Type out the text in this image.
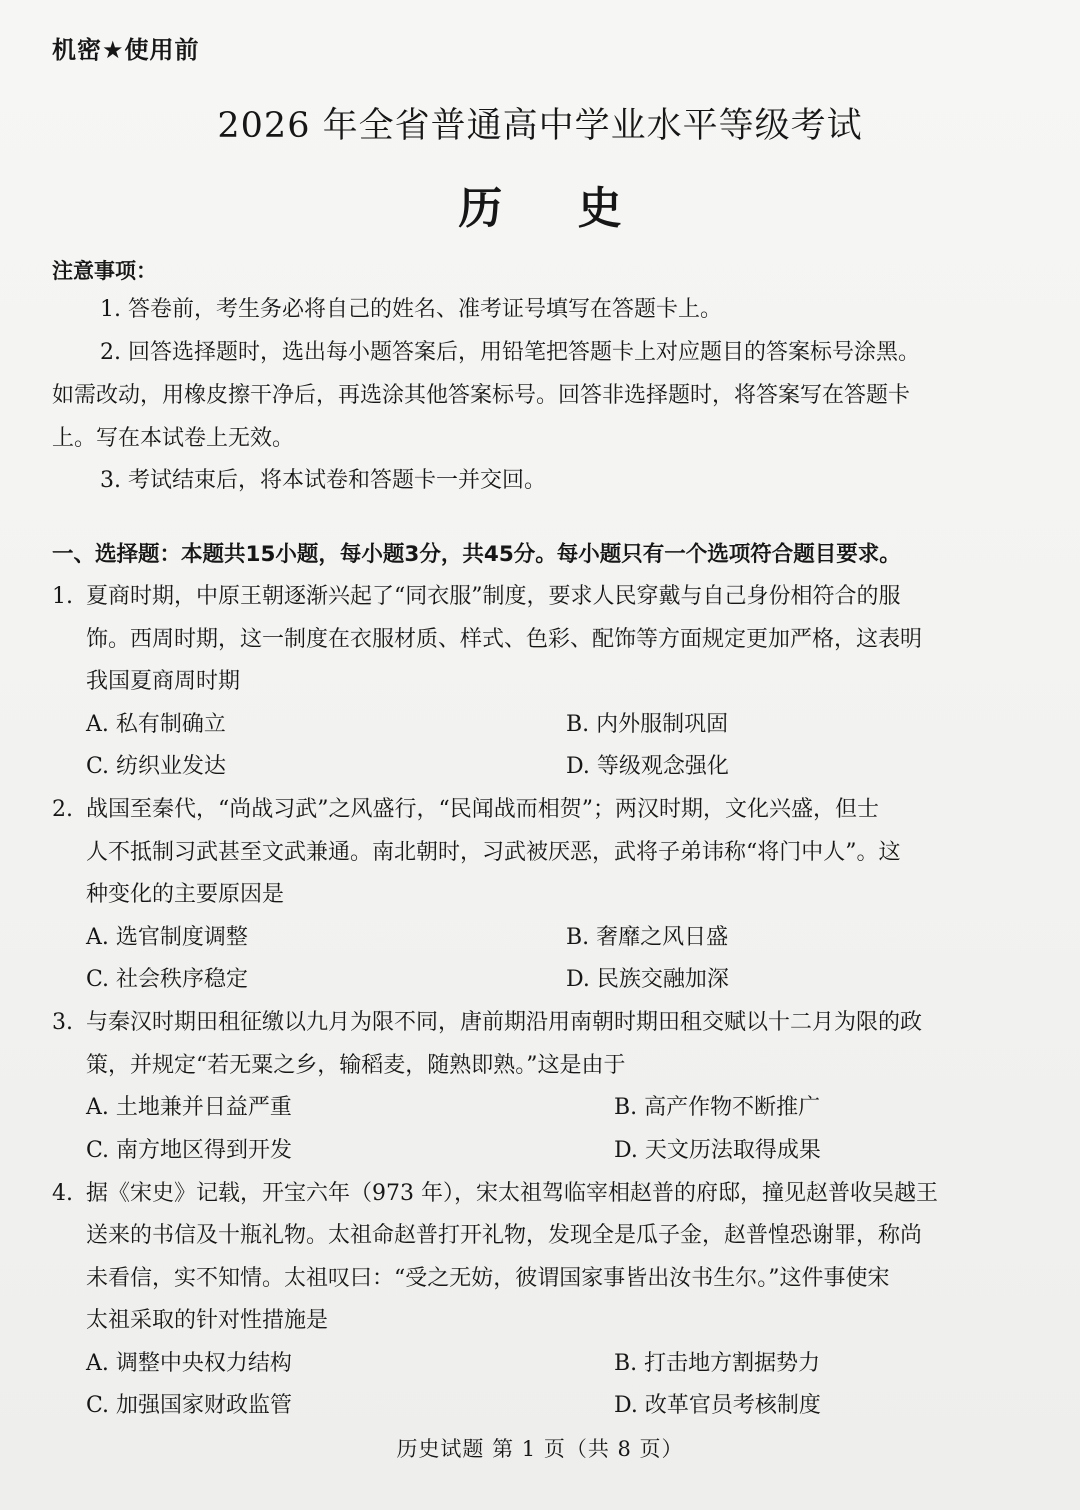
机密★使用前
2026 年全省普通高中学业水平等级考试
历 史
注意事项：
1. 答卷前，考生务必将自己的姓名、准考证号填写在答题卡上。
2. 回答选择题时，选出每小题答案后，用铅笔把答题卡上对应题目的答案标号涂黑。
如需改动，用橡皮擦干净后，再选涂其他答案标号。回答非选择题时，将答案写在答题卡
上。写在本试卷上无效。
3. 考试结束后，将本试卷和答题卡一并交回。
一、选择题：本题共15小题，每小题3分，共45分。每小题只有一个选项符合题目要求。
1. 夏商时期，中原王朝逐渐兴起了“同衣服”制度，要求人民穿戴与自己身份相符合的服
饰。西周时期，这一制度在衣服材质、样式、色彩、配饰等方面规定更加严格，这表明
我国夏商周时期
A. 私有制确立	B. 内外服制巩固
C. 纺织业发达	D. 等级观念强化
2. 战国至秦代，“尚战习武”之风盛行，“民闻战而相贺”；两汉时期，文化兴盛，但士
人不抵制习武甚至文武兼通。南北朝时，习武被厌恶，武将子弟讳称“将门中人”。这
种变化的主要原因是
A. 选官制度调整	B. 奢靡之风日盛
C. 社会秩序稳定	D. 民族交融加深
3. 与秦汉时期田租征缴以九月为限不同，唐前期沿用南朝时期田租交赋以十二月为限的政
策，并规定“若无粟之乡，输稻麦，随熟即熟。”这是由于
A. 土地兼并日益严重	B. 高产作物不断推广
C. 南方地区得到开发	D. 天文历法取得成果
4. 据《宋史》记载，开宝六年（973 年），宋太祖驾临宰相赵普的府邸，撞见赵普收吴越王
送来的书信及十瓶礼物。太祖命赵普打开礼物，发现全是瓜子金，赵普惶恐谢罪，称尚
未看信，实不知情。太祖叹曰：“受之无妨，彼谓国家事皆出汝书生尔。”这件事使宋
太祖采取的针对性措施是
A. 调整中央权力结构	B. 打击地方割据势力
C. 加强国家财政监管	D. 改革官员考核制度
历史试题 第 1 页（共 8 页）
